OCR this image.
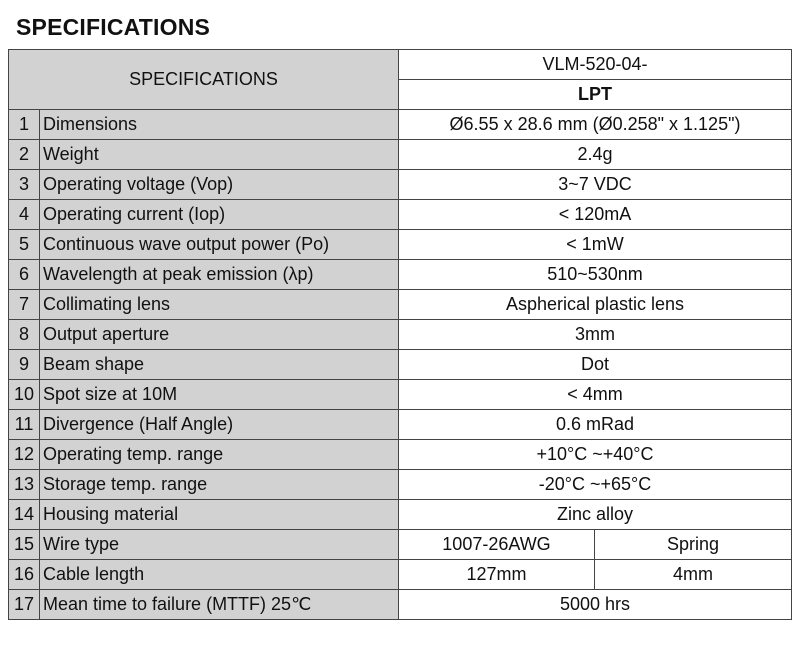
SPECIFICATIONS
SPECIFICATIONS		VLM-520-04-	
		LPT	
1	Dimensions	Ø6.55 x 28.6 mm (Ø0.258" x 1.125")	
2	Weight	2.4g	
3	Operating voltage (Vop)	3~7 VDC	
4	Operating current (Iop)	< 120mA	
5	Continuous wave output power (Po)	< 1mW	
6	Wavelength at peak emission (λp)	510~530nm	
7	Collimating lens	Aspherical plastic lens	
8	Output aperture	3mm	
9	Beam shape	Dot	
10	Spot size at 10M	< 4mm	
11	Divergence (Half Angle)	0.6 mRad	
12	Operating temp. range	+10°C ~+40°C	
13	Storage temp. range	-20°C ~+65°C	
14	Housing material	Zinc alloy	
15	Wire type	1007-26AWG	Spring
16	Cable length	127mm	4mm
17	Mean time to failure (MTTF) 25℃	5000 hrs	
